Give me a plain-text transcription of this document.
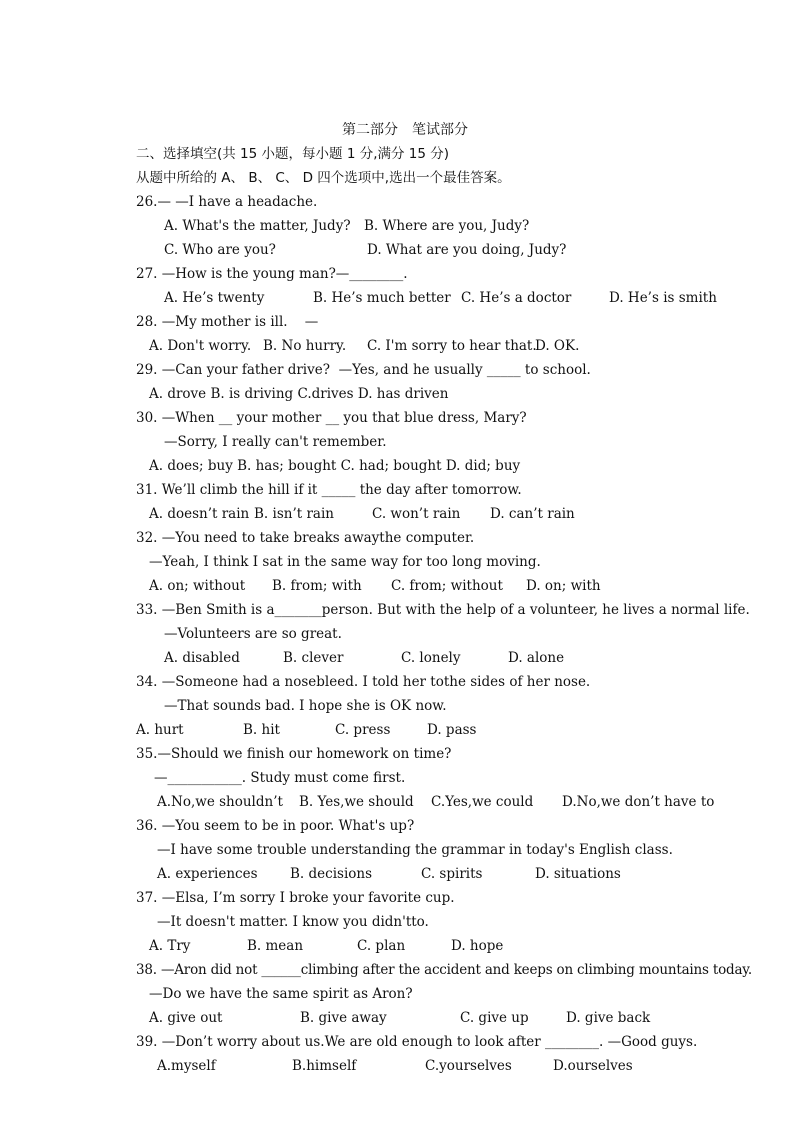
第二部分　笔试部分
二、选择填空(共 15 小题，每小题 1 分,满分 15 分)
从题中所给的 A、 B、 C、 D 四个选项中,选出一个最佳答案。
26.— —I have a headache.
A. What's the matter, Judy? B. Where are you, Judy?
C. Who are you?	D. What are you doing, Judy?
27. —How is the young man?—________.
A. He’s twenty	B. He’s much better C. He’s a doctor	D. He’s is smith
28. —My mother is ill.    —
A. Don't worry. B. No hurry. C. I'm sorry to hear that.
D. OK.
29. —Can your father drive?  —Yes, and he usually _____ to school.
A. drove B. is driving C.drives D. has driven
30. —When __ your mother __ you that blue dress, Mary?
—Sorry, I really can't remember.
A. does; buy B. has; bought C. had; bought D. did; buy
31. We’ll climb the hill if it _____ the day after tomorrow.
A. doesn’t rain B. isn’t rain	C. won’t rain D. can’t rain
32. —You need to take breaks awaythe computer.
—Yeah, I think I sat in the same way for too long moving.
A. on; without B. from; with C. from; without D. on; with
33. —Ben Smith is a_______person. But with the help of a volunteer, he lives a normal life.
—Volunteers are so great.
A. disabled	B. clever	C. lonely	D. alone
34. —Someone had a nosebleed. I told her tothe sides of her nose.
—That sounds bad. I hope she is OK now.
A. hurt	B. hit	C. press	D. pass
35.—Should we finish our homework on time?
—___________. Study must come first.
A.No,we shouldn’t B. Yes,we should C.Yes,we could D.No,we don’t have to
36. —You seem to be in poor. What's up?
—I have some trouble understanding the grammar in today's English class.
A. experiences B. decisions	C. spirits	D. situations
37. —Elsa, I’m sorry I broke your favorite cup.
—It doesn't matter. I know you didn'tto.
A. Try	B. mean	C. plan	D. hope
38. —Aron did not ______climbing after the accident and keeps on climbing mountains today.
—Do we have the same spirit as Aron?
A. give out	B. give away	C. give up	D. give back
39. —Don’t worry about us.We are old enough to look after ________. —Good guys.
A.myself	B.himself	C.yourselves	D.ourselves
